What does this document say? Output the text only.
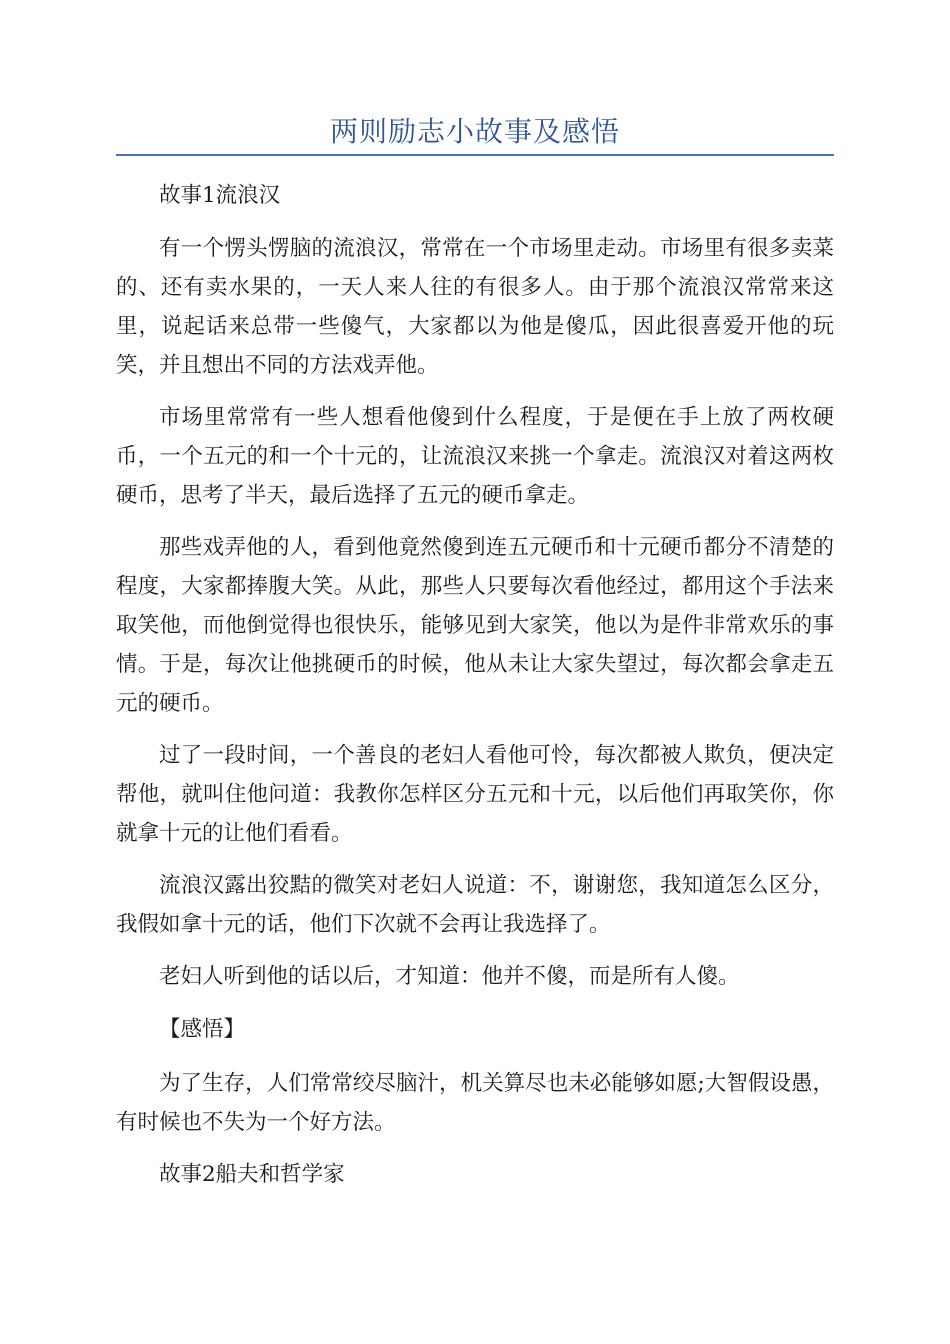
两则励志小故事及感悟

故事1流浪汉

有一个愣头愣脑的流浪汉，常常在一个市场里走动。市场里有很多卖菜的、还有卖水果的，一天人来人往的有很多人。由于那个流浪汉常常来这里，说起话来总带一些傻气，大家都以为他是傻瓜，因此很喜爱开他的玩笑，并且想出不同的方法戏弄他。

市场里常常有一些人想看他傻到什么程度，于是便在手上放了两枚硬币，一个五元的和一个十元的，让流浪汉来挑一个拿走。流浪汉对着这两枚硬币，思考了半天，最后选择了五元的硬币拿走。

那些戏弄他的人，看到他竟然傻到连五元硬币和十元硬币都分不清楚的程度，大家都捧腹大笑。从此，那些人只要每次看他经过，都用这个手法来取笑他，而他倒觉得也很快乐，能够见到大家笑，他以为是件非常欢乐的事情。于是，每次让他挑硬币的时候，他从未让大家失望过，每次都会拿走五元的硬币。

过了一段时间，一个善良的老妇人看他可怜，每次都被人欺负，便决定帮他，就叫住他问道：我教你怎样区分五元和十元，以后他们再取笑你，你就拿十元的让他们看看。

流浪汉露出狡黠的微笑对老妇人说道：不，谢谢您，我知道怎么区分，我假如拿十元的话，他们下次就不会再让我选择了。

老妇人听到他的话以后，才知道：他并不傻，而是所有人傻。

【感悟】

为了生存，人们常常绞尽脑汁，机关算尽也未必能够如愿;大智假设愚，有时候也不失为一个好方法。

故事2船夫和哲学家
